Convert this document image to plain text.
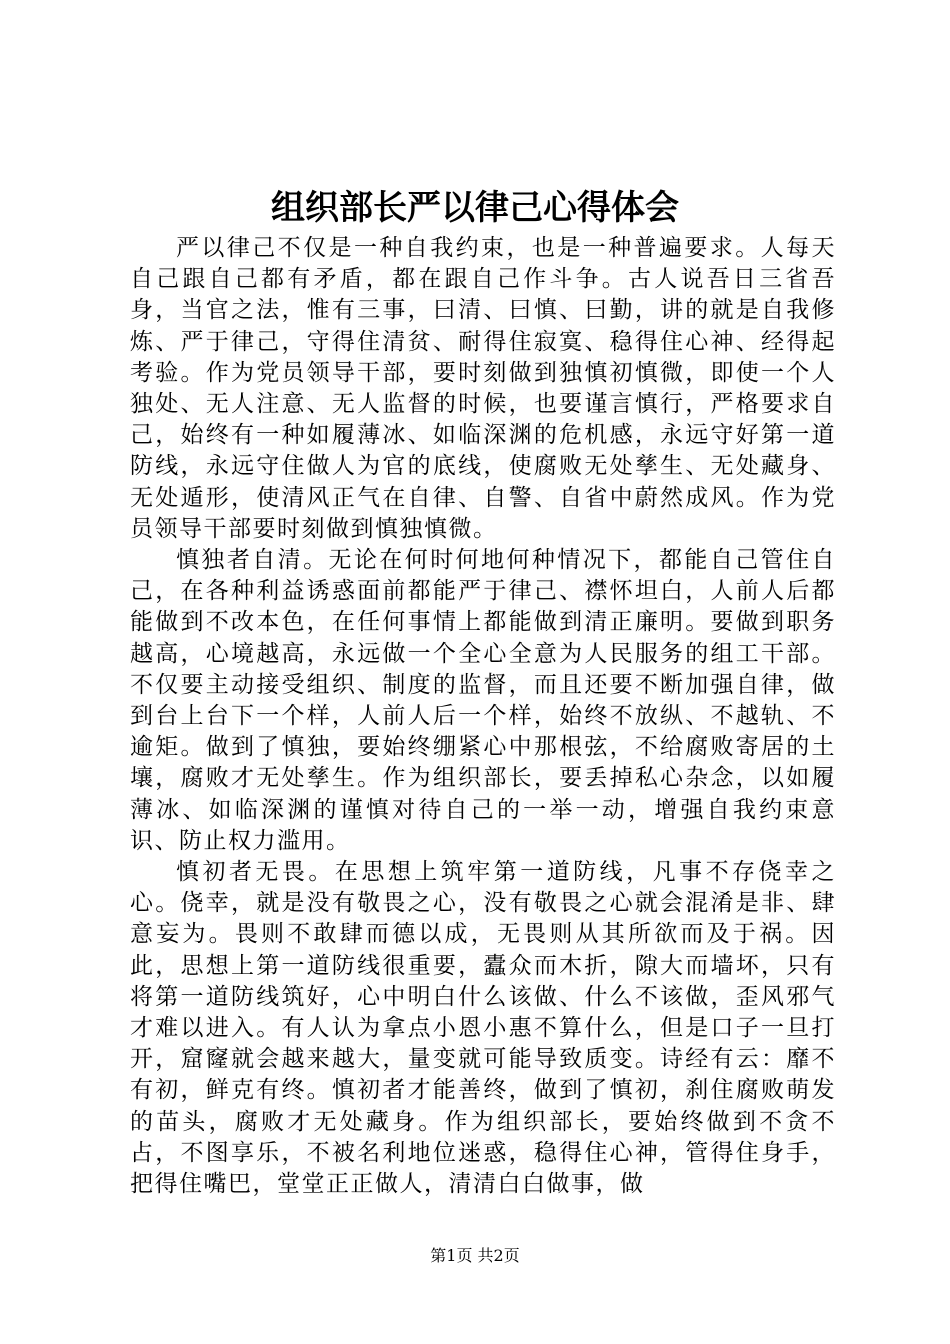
组织部长严以律己心得体会

严以律己不仅是一种自我约束，也是一种普遍要求。人每天自己跟自己都有矛盾，都在跟自己作斗争。古人说吾日三省吾身，当官之法，惟有三事，曰清、曰慎、曰勤，讲的就是自我修炼、严于律己，守得住清贫、耐得住寂寞、稳得住心神、经得起考验。作为党员领导干部，要时刻做到独慎初慎微，即使一个人独处、无人注意、无人监督的时候，也要谨言慎行，严格要求自己，始终有一种如履薄冰、如临深渊的危机感，永远守好第一道防线，永远守住做人为官的底线，使腐败无处孳生、无处藏身、无处遁形，使清风正气在自律、自警、自省中蔚然成风。作为党员领导干部要时刻做到慎独慎微。

慎独者自清。无论在何时何地何种情况下，都能自己管住自己，在各种利益诱惑面前都能严于律己、襟怀坦白，人前人后都能做到不改本色，在任何事情上都能做到清正廉明。要做到职务越高，心境越高，永远做一个全心全意为人民服务的组工干部。不仅要主动接受组织、制度的监督，而且还要不断加强自律，做到台上台下一个样，人前人后一个样，始终不放纵、不越轨、不逾矩。做到了慎独，要始终绷紧心中那根弦，不给腐败寄居的土壤，腐败才无处孳生。作为组织部长，要丢掉私心杂念，以如履薄冰、如临深渊的谨慎对待自己的一举一动，增强自我约束意识、防止权力滥用。

慎初者无畏。在思想上筑牢第一道防线，凡事不存侥幸之心。侥幸，就是没有敬畏之心，没有敬畏之心就会混淆是非、肆意妄为。畏则不敢肆而德以成，无畏则从其所欲而及于祸。因此，思想上第一道防线很重要，蠹众而木折，隙大而墙坏，只有将第一道防线筑好，心中明白什么该做、什么不该做，歪风邪气才难以进入。有人认为拿点小恩小惠不算什么，但是口子一旦打开，窟窿就会越来越大，量变就可能导致质变。诗经有云：靡不有初，鲜克有终。慎初者才能善终，做到了慎初，刹住腐败萌发的苗头，腐败才无处藏身。作为组织部长，要始终做到不贪不占，不图享乐，不被名利地位迷惑，稳得住心神，管得住身手，把得住嘴巴，堂堂正正做人，清清白白做事，做

第1页 共2页
